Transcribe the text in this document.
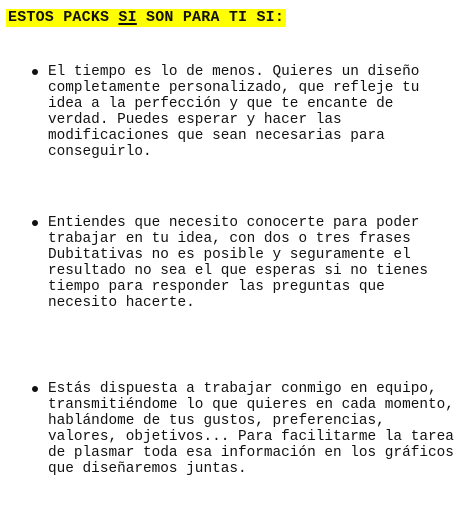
ESTOS PACKS SI SON PARA TI SI:
El tiempo es lo de menos. Quieres un diseño completamente personalizado, que refleje tu idea a la perfección y que te encante de verdad. Puedes esperar y hacer las modificaciones que sean necesarias para conseguirlo.
Entiendes que necesito conocerte para poder trabajar en tu idea, con dos o tres frases Dubitativas no es posible y seguramente el resultado no sea el que esperas si no tienes tiempo para responder las preguntas que necesito hacerte.
Estás dispuesta a trabajar conmigo en equipo, transmitiéndome lo que quieres en cada momento, hablándome de tus gustos, preferencias, valores, objetivos... Para facilitarme la tarea de plasmar toda esa información en los gráficos que diseñaremos juntas.
